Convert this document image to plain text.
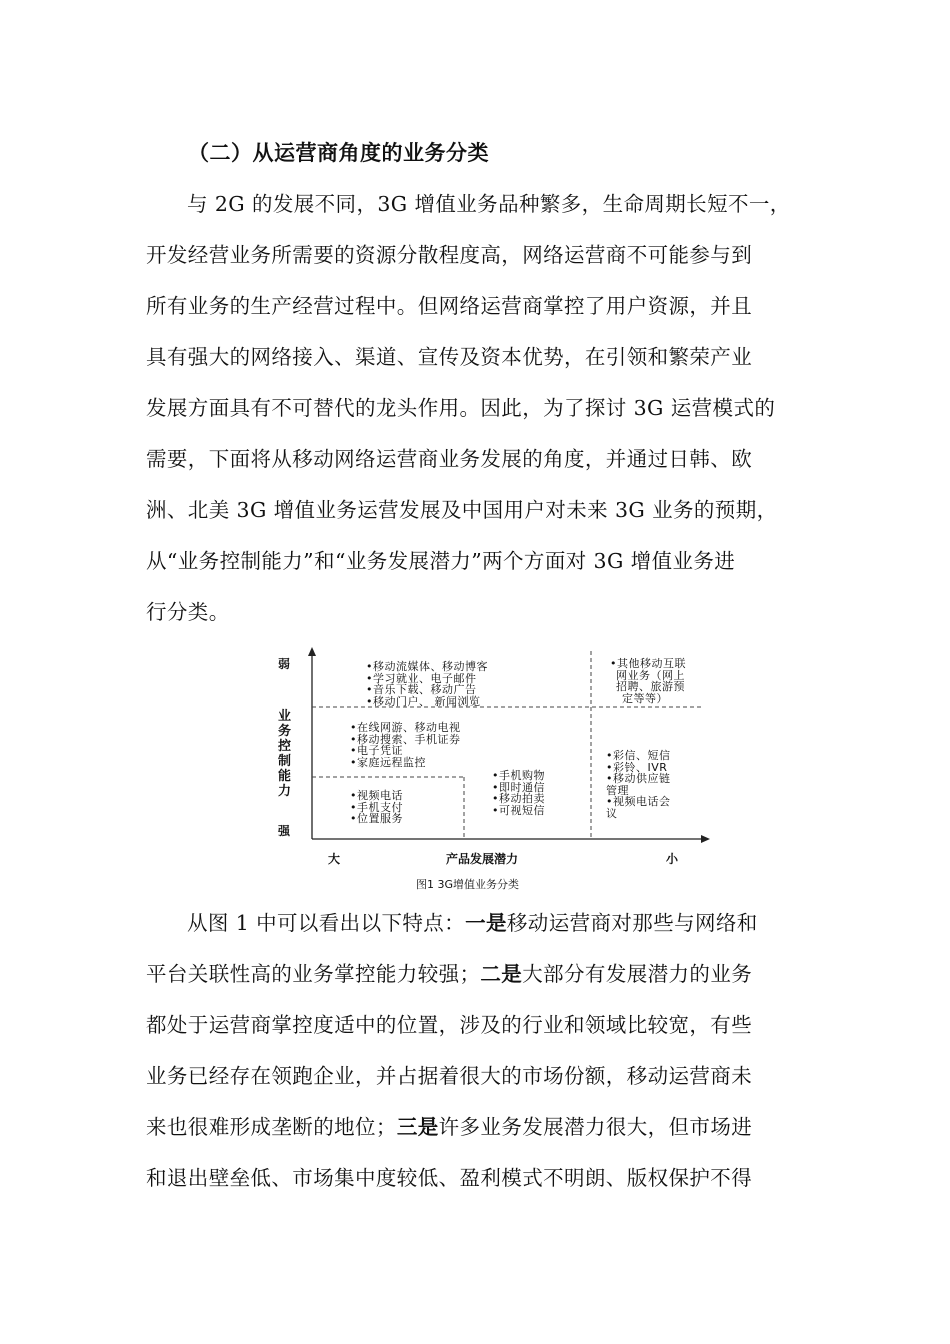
（二）从运营商角度的业务分类

与 2G 的发展不同，3G 增值业务品种繁多，生命周期长短不一，

开发经营业务所需要的资源分散程度高，网络运营商不可能参与到

所有业务的生产经营过程中。但网络运营商掌控了用户资源，并且

具有强大的网络接入、渠道、宣传及资本优势，在引领和繁荣产业

发展方面具有不可替代的龙头作用。因此，为了探讨 3G 运营模式的

需要，下面将从移动网络运营商业务发展的角度，并通过日韩、欧

洲、北美 3G 增值业务运营发展及中国用户对未来 3G 业务的预期，

从“业务控制能力”和“业务发展潜力”两个方面对 3G 增值业务进

行分类。

弱
业
务
控
制
能
力
强
大	产品发展潜力	小
•移动流媒体、移动博客
•学习就业、电子邮件
•音乐下载、移动广告
•移动门户、 新闻浏览
•其他移动互联
网业务（网上
招聘、旅游预
定等等）
•在线网游、移动电视
•移动搜索、手机证券
•电子凭证
•家庭远程监控
•手机购物
•即时通信
•移动拍卖
•可视短信
•视频电话
•手机支付
•位置服务
•彩信、短信
•彩铃、IVR
•移动供应链
管理
•视频电话会
议
图1 3G增值业务分类

从图 1 中可以看出以下特点：一是移动运营商对那些与网络和

平台关联性高的业务掌控能力较强；二是大部分有发展潜力的业务

都处于运营商掌控度适中的位置，涉及的行业和领域比较宽，有些

业务已经存在领跑企业，并占据着很大的市场份额，移动运营商未

来也很难形成垄断的地位；三是许多业务发展潜力很大，但市场进

和退出壁垒低、市场集中度较低、盈利模式不明朗、版权保护不得
